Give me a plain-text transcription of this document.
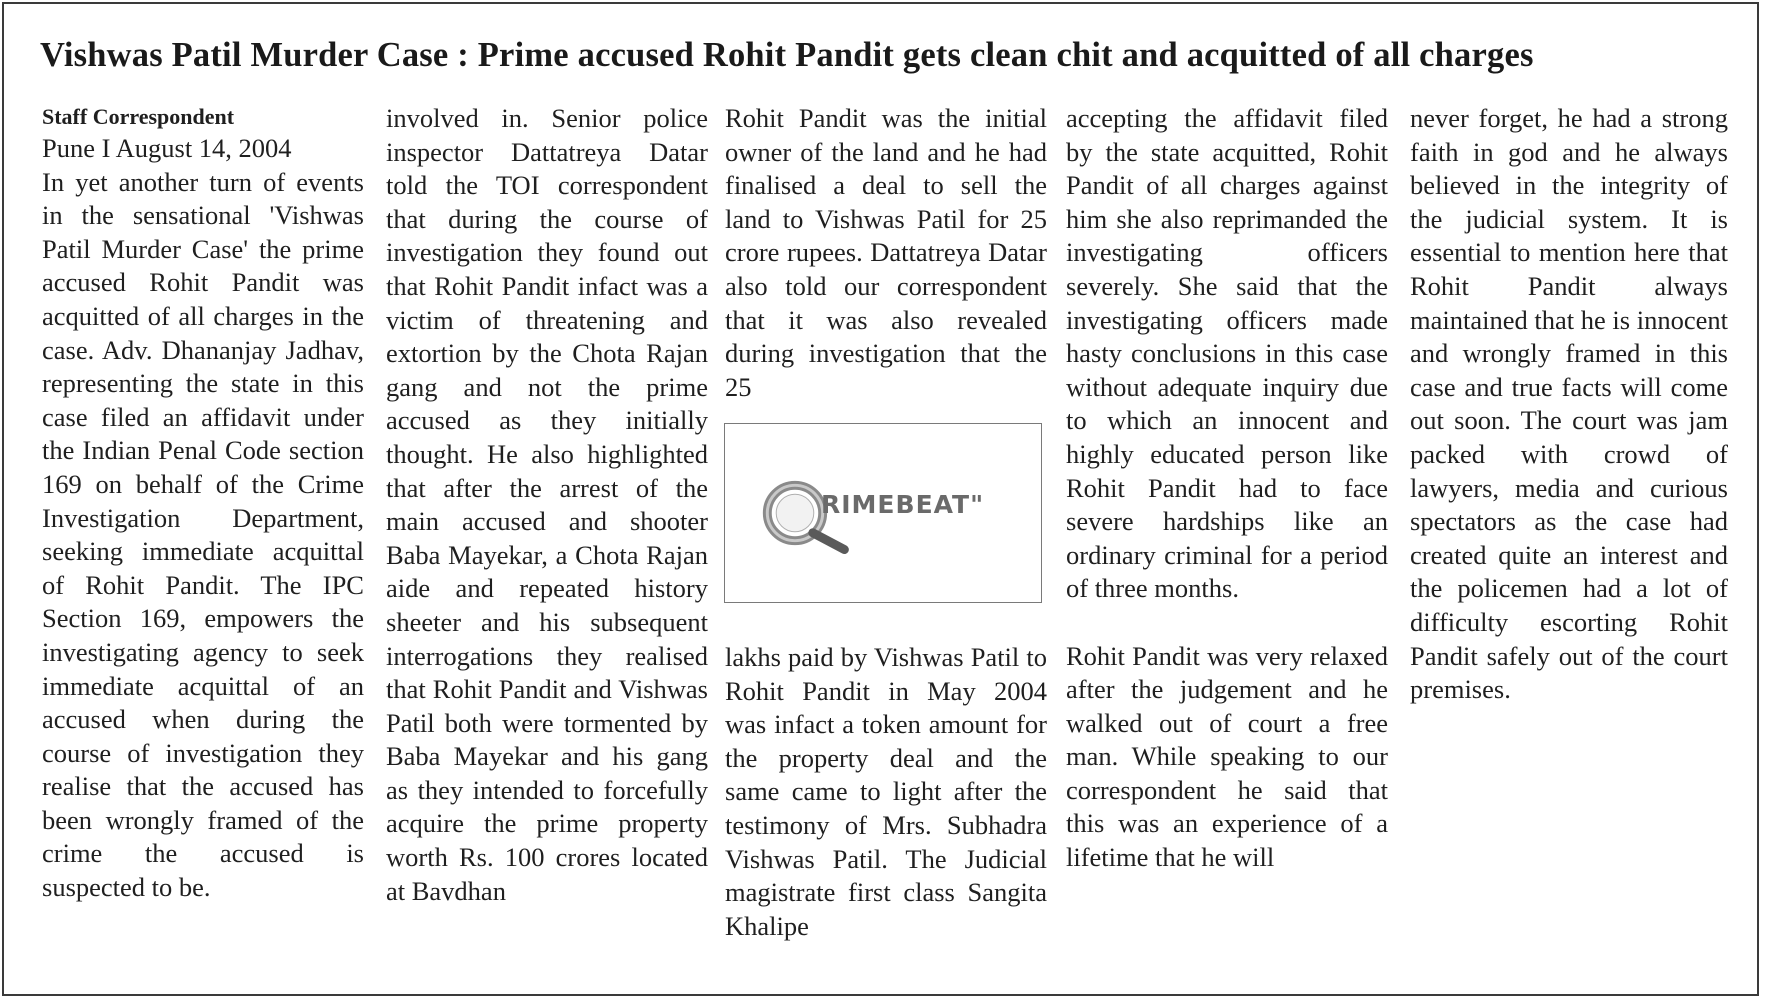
Vishwas Patil Murder Case : Prime accused Rohit Pandit gets clean chit and acquitted of all charges

Staff Correspondent

Pune I August 14, 2004
In yet another turn of events in the sensational 'Vishwas Patil Murder Case' the prime accused Rohit Pandit was acquitted of all charges in the case. Adv. Dhananjay Jadhav, representing the state in this case filed an affidavit under the Indian Penal Code section 169 on behalf of the Crime Investigation Department, seeking immediate acquittal of Rohit Pandit. The IPC Section 169, empowers the investigating agency to seek immediate acquittal of an accused when during the course of investigation they realise that the accused has been wrongly framed of the crime the accused is suspected to be.

involved in. Senior police inspector Dattatreya Datar told the TOI correspondent that during the course of investigation they found out that Rohit Pandit infact was a victim of threatening and extortion by the Chota Rajan gang and not the prime accused as they initially thought. He also highlighted that after the arrest of the main accused and shooter Baba Mayekar, a Chota Rajan aide and repeated history sheeter and his subsequent interrogations they realised that Rohit Pandit and Vishwas Patil both were tormented by Baba Mayekar and his gang as they intended to forcefully acquire the prime property worth Rs. 100 crores located at Bavdhan

Rohit Pandit was the initial owner of the land and he had finalised a deal to sell the land to Vishwas Patil for 25 crore rupees. Dattatreya Datar also told our correspondent that it was also revealed during investigation that the 25

RIMEBEAT"

lakhs paid by Vishwas Patil to Rohit Pandit in May 2004 was infact a token amount for the property deal and the same came to light after the testimony of Mrs. Subhadra Vishwas Patil. The Judicial magistrate first class Sangita Khalipe

accepting the affidavit filed by the state acquitted, Rohit Pandit of all charges against him she also reprimanded the investigating officers severely. She said that the investigating officers made hasty conclusions in this case without adequate inquiry due to which an innocent and highly educated person like Rohit Pandit had to face severe hardships like an ordinary criminal for a period of three months.

Rohit Pandit was very relaxed after the judgement and he walked out of court a free man. While speaking to our correspondent he said that this was an experience of a lifetime that he will

never forget, he had a strong faith in god and he always believed in the integrity of the judicial system. It is essential to mention here that Rohit Pandit always maintained that he is innocent and wrongly framed in this case and true facts will come out soon. The court was jam packed with crowd of lawyers, media and curious spectators as the case had created quite an interest and the policemen had a lot of difficulty escorting Rohit Pandit safely out of the court premises.
